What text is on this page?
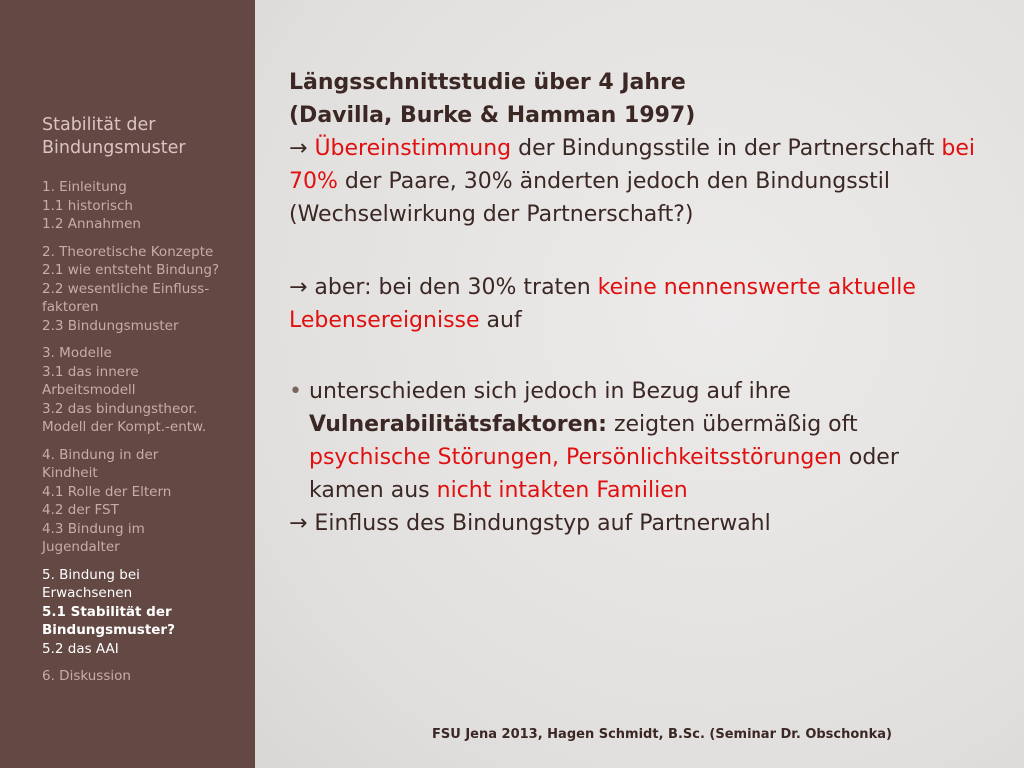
Stabilität der
Bindungsmuster
1. Einleitung
1.1 historisch
1.2 Annahmen
2. Theoretische Konzepte
2.1 wie entsteht Bindung?
2.2 wesentliche Einfluss-
faktoren
2.3 Bindungsmuster
3. Modelle
3.1 das innere
Arbeitsmodell
3.2 das bindungstheor.
Modell der Kompt.-entw.
4. Bindung in der
Kindheit
4.1 Rolle der Eltern
4.2 der FST
4.3 Bindung im
Jugendalter
5. Bindung bei
Erwachsenen
5.1 Stabilität der
Bindungsmuster?
5.2 das AAI
6. Diskussion
Längsschnittstudie über 4 Jahre
(Davilla, Burke & Hamman 1997)
→ Übereinstimmung der Bindungsstile in der Partnerschaft bei 70% der Paare, 30% änderten jedoch den Bindungsstil (Wechselwirkung der Partnerschaft?)
→ aber: bei den 30% traten keine nennenswerte aktuelle Lebensereignisse auf
• unterschieden sich jedoch in Bezug auf ihre Vulnerabilitätsfaktoren: zeigten übermäßig oft psychische Störungen, Persönlichkeitsstörungen oder kamen aus nicht intakten Familien
→ Einfluss des Bindungstyp auf Partnerwahl
FSU Jena 2013, Hagen Schmidt, B.Sc. (Seminar Dr. Obschonka)
